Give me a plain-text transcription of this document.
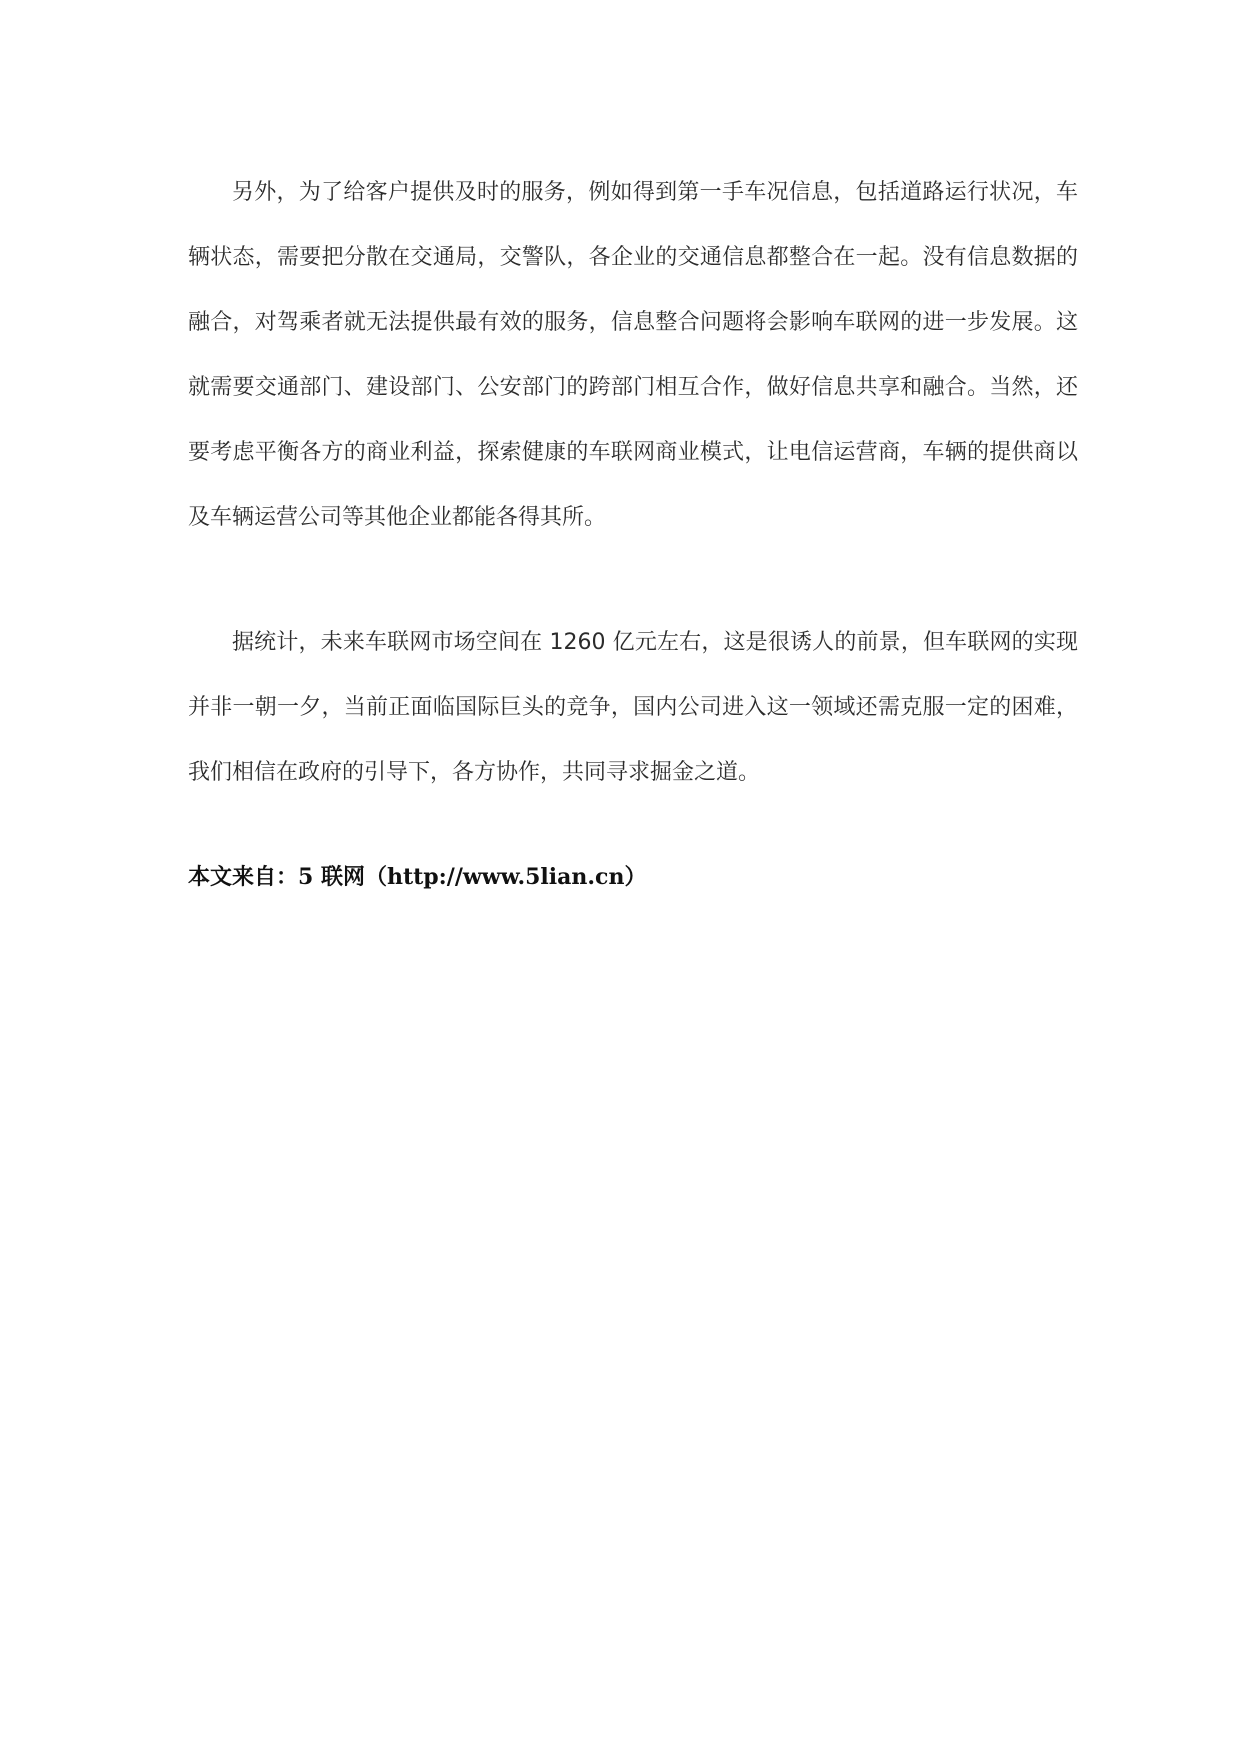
另外，为了给客户提供及时的服务，例如得到第一手车况信息，包括道路运行状况，车辆状态，需要把分散在交通局，交警队，各企业的交通信息都整合在一起。没有信息数据的融合，对驾乘者就无法提供最有效的服务，信息整合问题将会影响车联网的进一步发展。这就需要交通部门、建设部门、公安部门的跨部门相互合作，做好信息共享和融合。当然，还要考虑平衡各方的商业利益，探索健康的车联网商业模式，让电信运营商，车辆的提供商以及车辆运营公司等其他企业都能各得其所。

据统计，未来车联网市场空间在 1260 亿元左右，这是很诱人的前景，但车联网的实现并非一朝一夕，当前正面临国际巨头的竞争，国内公司进入这一领域还需克服一定的困难，我们相信在政府的引导下，各方协作，共同寻求掘金之道。

本文来自：5 联网（http://www.5lian.cn）
